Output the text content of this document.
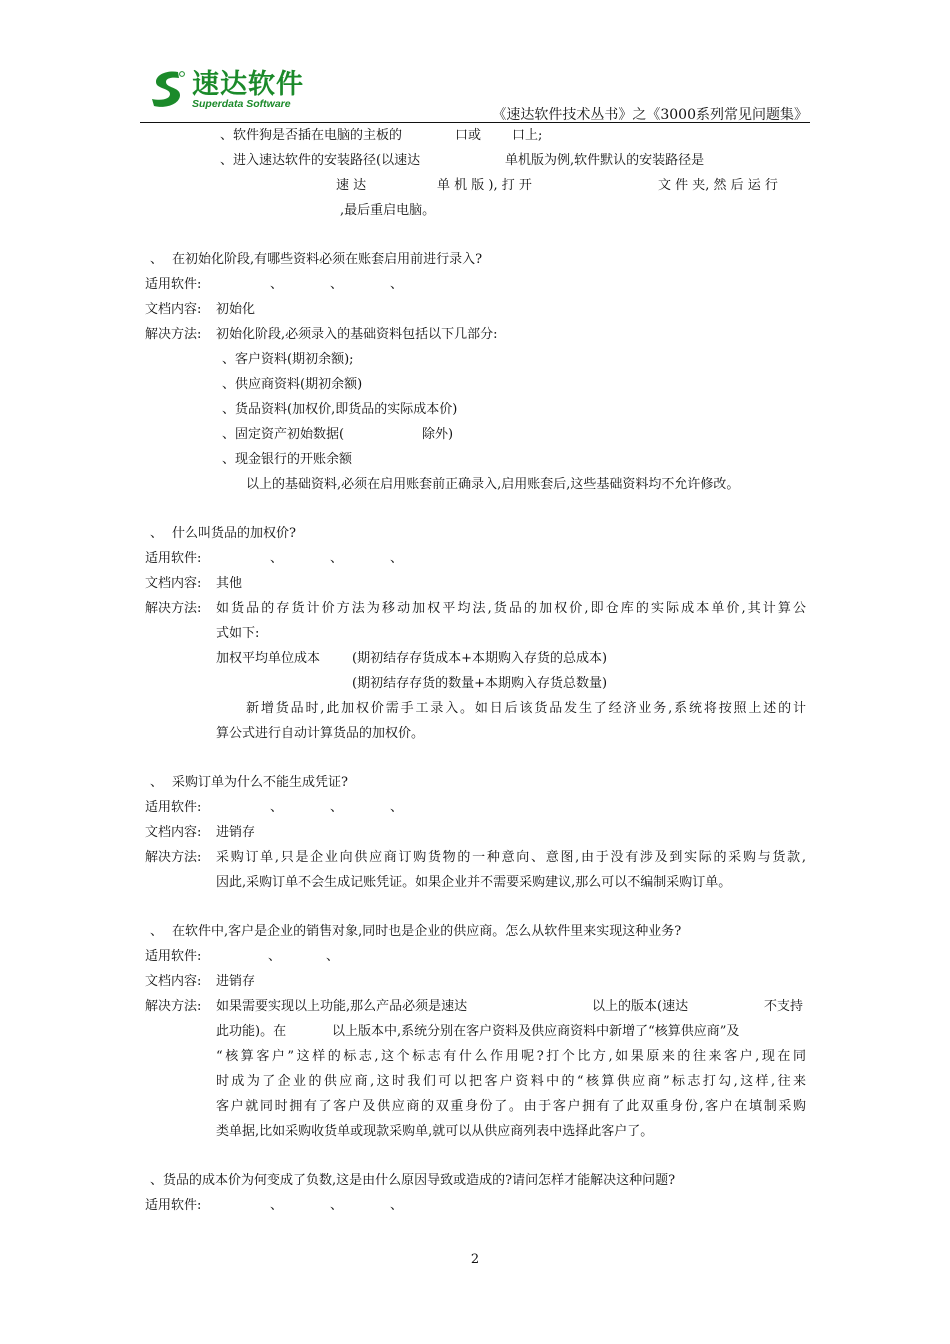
速达软件
Superdata Software
《速达软件技术丛书》之《3000系列常见问题集》
、软件狗是否插在电脑的主板的	口或 口上;
、进入速达软件的安装路径(以速达	单机版为例,软件默认的安装路径是
速 达	单 机 版 ), 打 开	文 件 夹, 然 后 运 行
,最后重启电脑。
、 在初始化阶段,有哪些资料必须在账套启用前进行录入?
适用软件:	、	、	、
文档内容: 初始化
解决方法: 初始化阶段,必须录入的基础资料包括以下几部分:
、客户资料(期初余额);
、供应商资料(期初余额)
、货品资料(加权价,即货品的实际成本价)
、固定资产初始数据(	除外)
、现金银行的开账余额
以上的基础资料,必须在启用账套前正确录入,启用账套后,这些基础资料均不允许修改。
、 什么叫货品的加权价?
适用软件:	、	、	、
文档内容: 其他
解决方法: 如货品的存货计价方法为移动加权平均法,货品的加权价,即仓库的实际成本单价,其计算公
式如下:
加权平均单位成本 (期初结存存货成本+本期购入存货的总成本)
(期初结存存货的数量+本期购入存货总数量)
新增货品时,此加权价需手工录入。如日后该货品发生了经济业务,系统将按照上述的计
算公式进行自动计算货品的加权价。
、 采购订单为什么不能生成凭证?
适用软件:	、	、	、
文档内容: 进销存
解决方法: 采购订单,只是企业向供应商订购货物的一种意向、意图,由于没有涉及到实际的采购与货款,
因此,采购订单不会生成记账凭证。如果企业并不需要采购建议,那么可以不编制采购订单。
、 在软件中,客户是企业的销售对象,同时也是企业的供应商。怎么从软件里来实现这种业务?
适用软件:	、	、
文档内容: 进销存
解决方法: 如果需要实现以上功能,那么产品必须是速达	以上的版本(速达	不支持
此功能)。在	以上版本中,系统分别在客户资料及供应商资料中新增了“核算供应商”及
“核算客户”这样的标志,这个标志有什么作用呢?打个比方,如果原来的往来客户,现在同
时成为了企业的供应商,这时我们可以把客户资料中的“核算供应商”标志打勾,这样,往来
客户就同时拥有了客户及供应商的双重身份了。由于客户拥有了此双重身份,客户在填制采购
类单据,比如采购收货单或现款采购单,就可以从供应商列表中选择此客户了。
、货品的成本价为何变成了负数,这是由什么原因导致或造成的?请问怎样才能解决这种问题?
适用软件:	、	、	、
2
